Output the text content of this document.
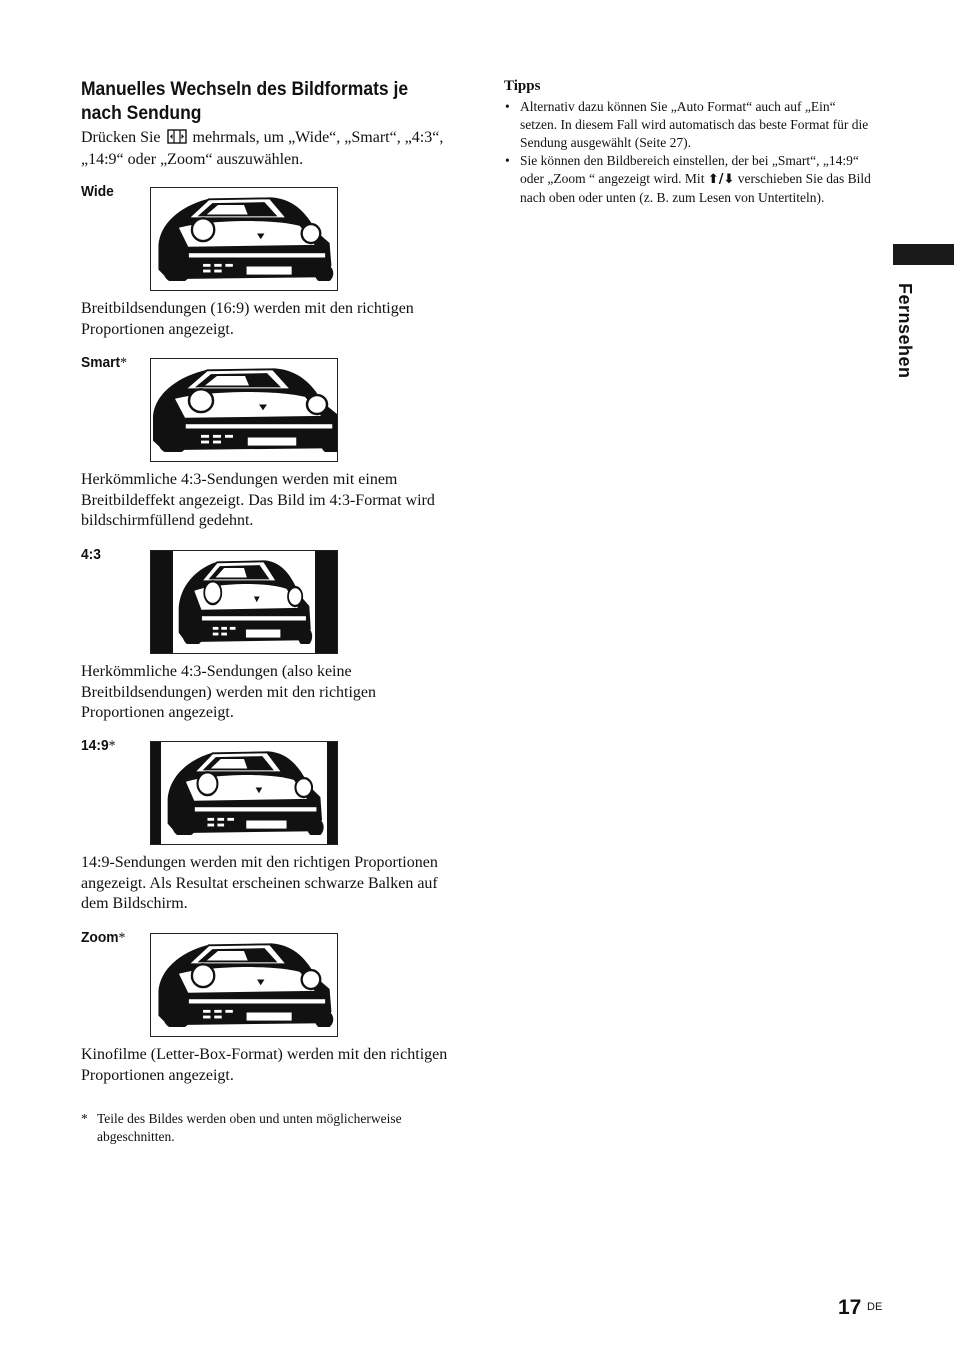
Manuelles Wechseln des Bildformats je nach Sendung
Drücken Sie mehrmals, um „Wide“, „Smart“, „4:3“, „14:9“ oder „Zoom“ auszuwählen.
Wide
Breitbildsendungen (16:9) werden mit den richtigen Proportionen angezeigt.
Smart*
Herkömmliche 4:3-Sendungen werden mit einem Breitbildeffekt angezeigt. Das Bild im 4:3-Format wird bildschirmfüllend gedehnt.
4:3
Herkömmliche 4:3-Sendungen (also keine Breitbildsendungen) werden mit den richtigen Proportionen angezeigt.
14:9*
14:9-Sendungen werden mit den richtigen Proportionen angezeigt. Als Resultat erscheinen schwarze Balken auf dem Bildschirm.
Zoom*
Kinofilme (Letter-Box-Format) werden mit den richtigen Proportionen angezeigt.
* Teile des Bildes werden oben und unten möglicherweise abgeschnitten.
Tipps
• Alternativ dazu können Sie „Auto Format“ auch auf „Ein“ setzen. In diesem Fall wird automatisch das beste Format für die Sendung ausgewählt (Seite 27).
• Sie können den Bildbereich einstellen, der bei „Smart“, „14:9“ oder „Zoom “ angezeigt wird. Mit ⬆/⬇ verschieben Sie das Bild nach oben oder unten (z. B. zum Lesen von Untertiteln).
Fernsehen
17 DE
